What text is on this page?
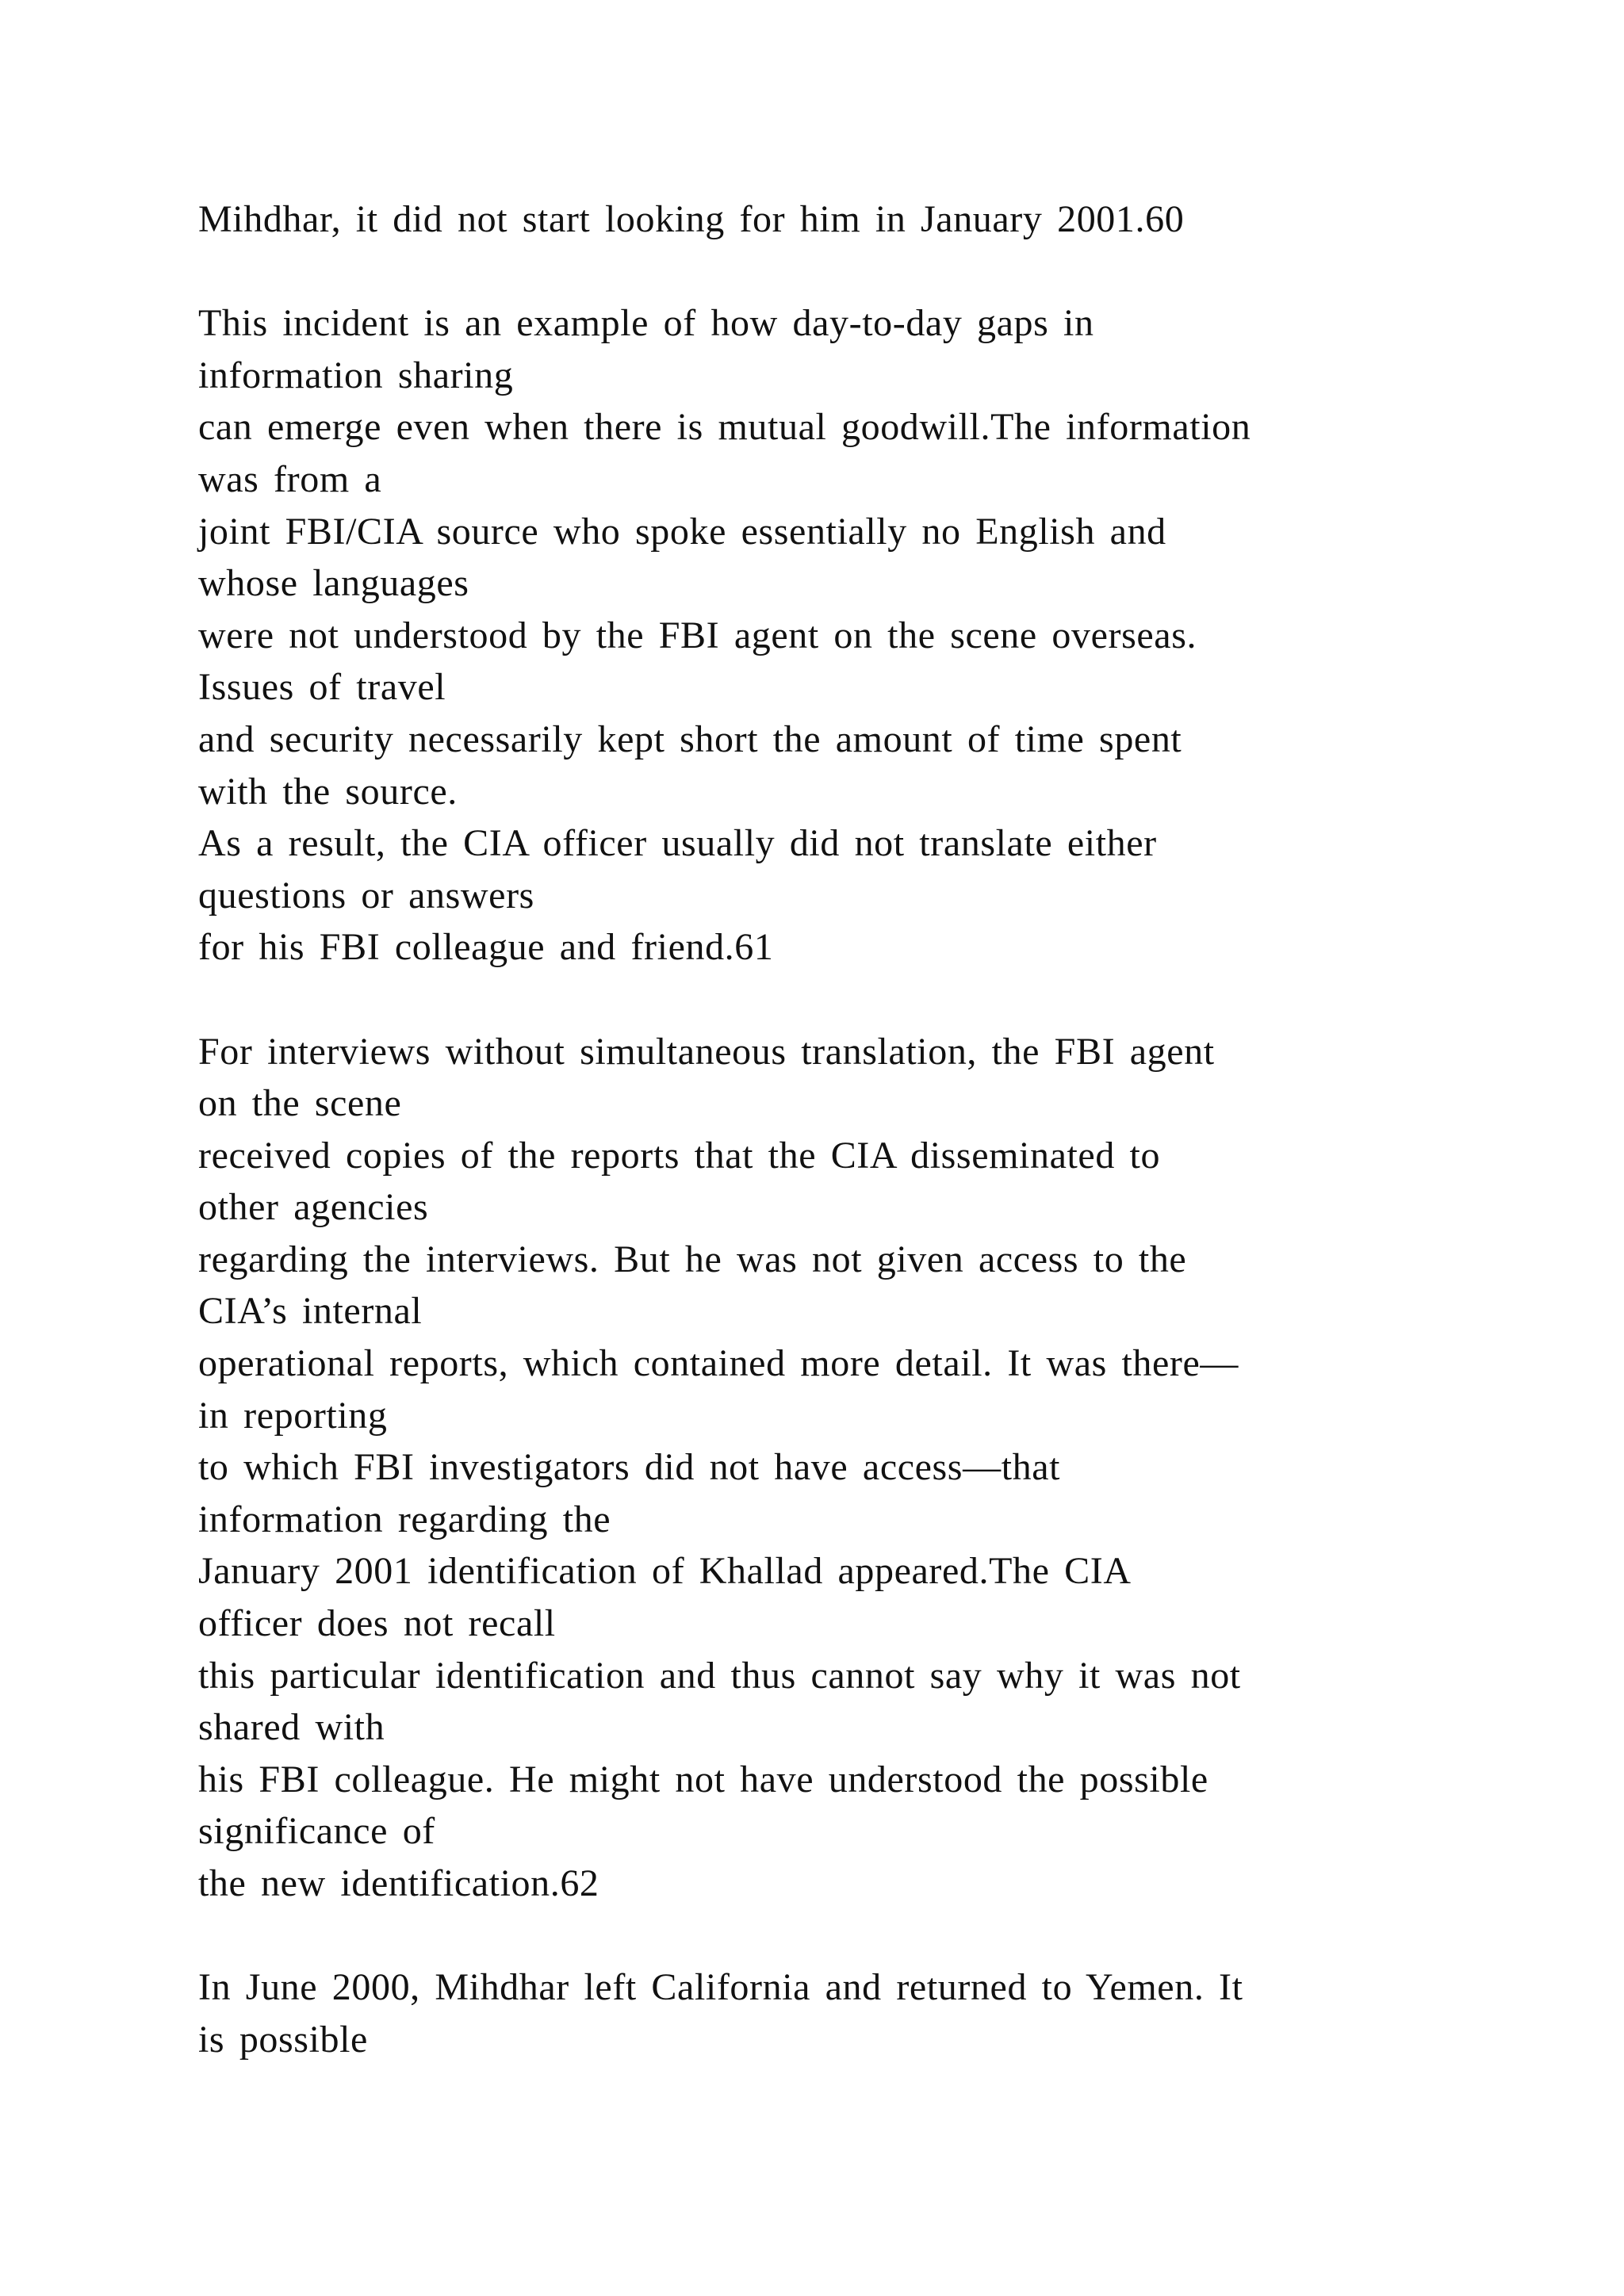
Mihdhar, it did not start looking for him in January 2001.60
This incident is an example of how day-to-day gaps in
information sharing
can emerge even when there is mutual goodwill.The information
was from a
joint FBI/CIA source who spoke essentially no English and
whose languages
were not understood by the FBI agent on the scene overseas.
Issues of travel
and security necessarily kept short the amount of time spent
with the source.
As a result, the CIA officer usually did not translate either
questions or answers
for his FBI colleague and friend.61
For interviews without simultaneous translation, the FBI agent
on the scene
received copies of the reports that the CIA disseminated to
other agencies
regarding the interviews. But he was not given access to the
CIA’s internal
operational reports, which contained more detail. It was there—
in reporting
to which FBI investigators did not have access—that
information regarding the
January 2001 identification of Khallad appeared.The CIA
officer does not recall
this particular identification and thus cannot say why it was not
shared with
his FBI colleague. He might not have understood the possible
significance of
the new identification.62
In June 2000, Mihdhar left California and returned to Yemen. It
is possible
